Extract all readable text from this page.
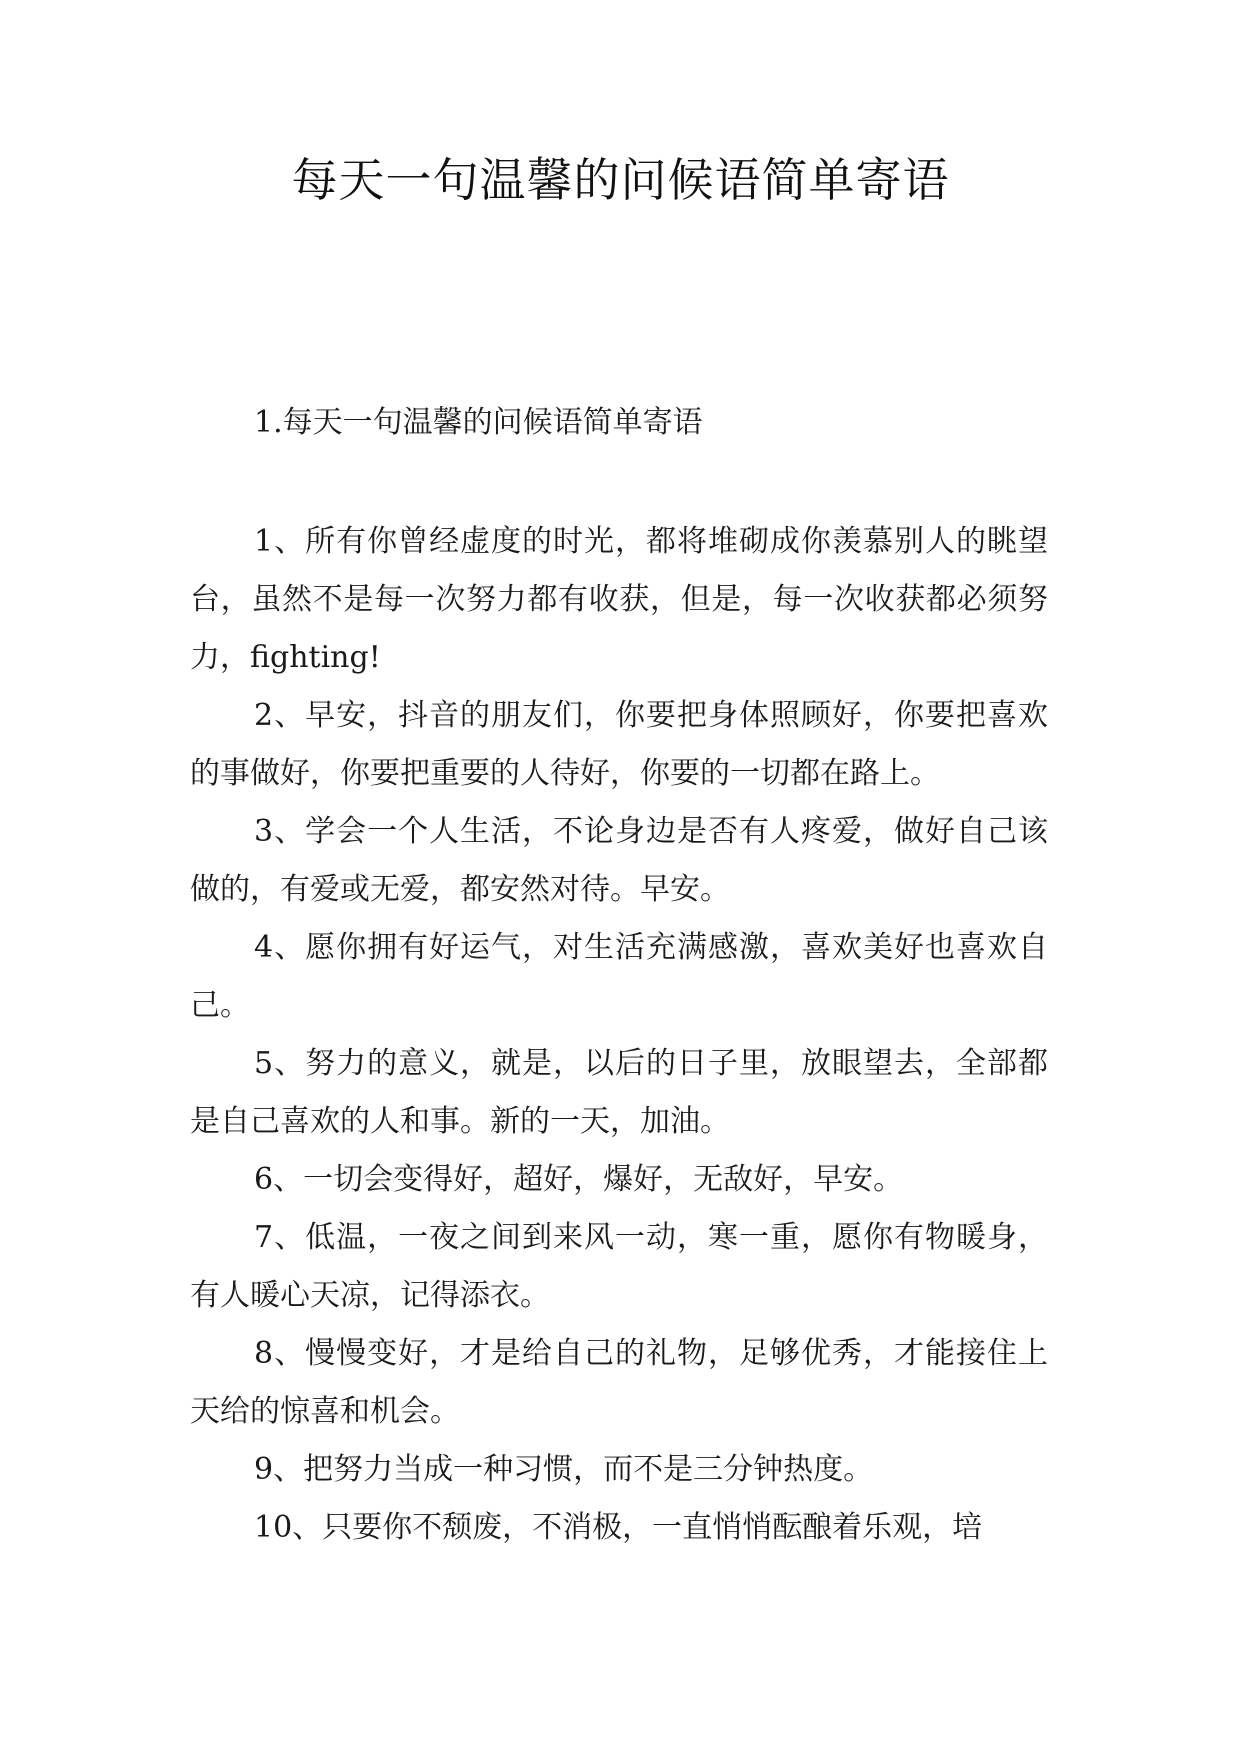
每天一句温馨的问候语简单寄语
1.每天一句温馨的问候语简单寄语

1、所有你曾经虚度的时光，都将堆砌成你羡慕别人的眺望台，虽然不是每一次努力都有收获，但是，每一次收获都必须努力，fighting!

2、早安，抖音的朋友们，你要把身体照顾好，你要把喜欢的事做好，你要把重要的人待好，你要的一切都在路上。

3、学会一个人生活，不论身边是否有人疼爱，做好自己该做的，有爱或无爱，都安然对待。早安。

4、愿你拥有好运气，对生活充满感激，喜欢美好也喜欢自己。

5、努力的意义，就是，以后的日子里，放眼望去，全部都是自己喜欢的人和事。新的一天，加油。

6、一切会变得好，超好，爆好，无敌好，早安。

7、低温，一夜之间到来风一动，寒一重，愿你有物暖身，有人暖心天凉，记得添衣。

8、慢慢变好，才是给自己的礼物，足够优秀，才能接住上天给的惊喜和机会。

9、把努力当成一种习惯，而不是三分钟热度。

10、只要你不颓废，不消极，一直悄悄酝酿着乐观，培
